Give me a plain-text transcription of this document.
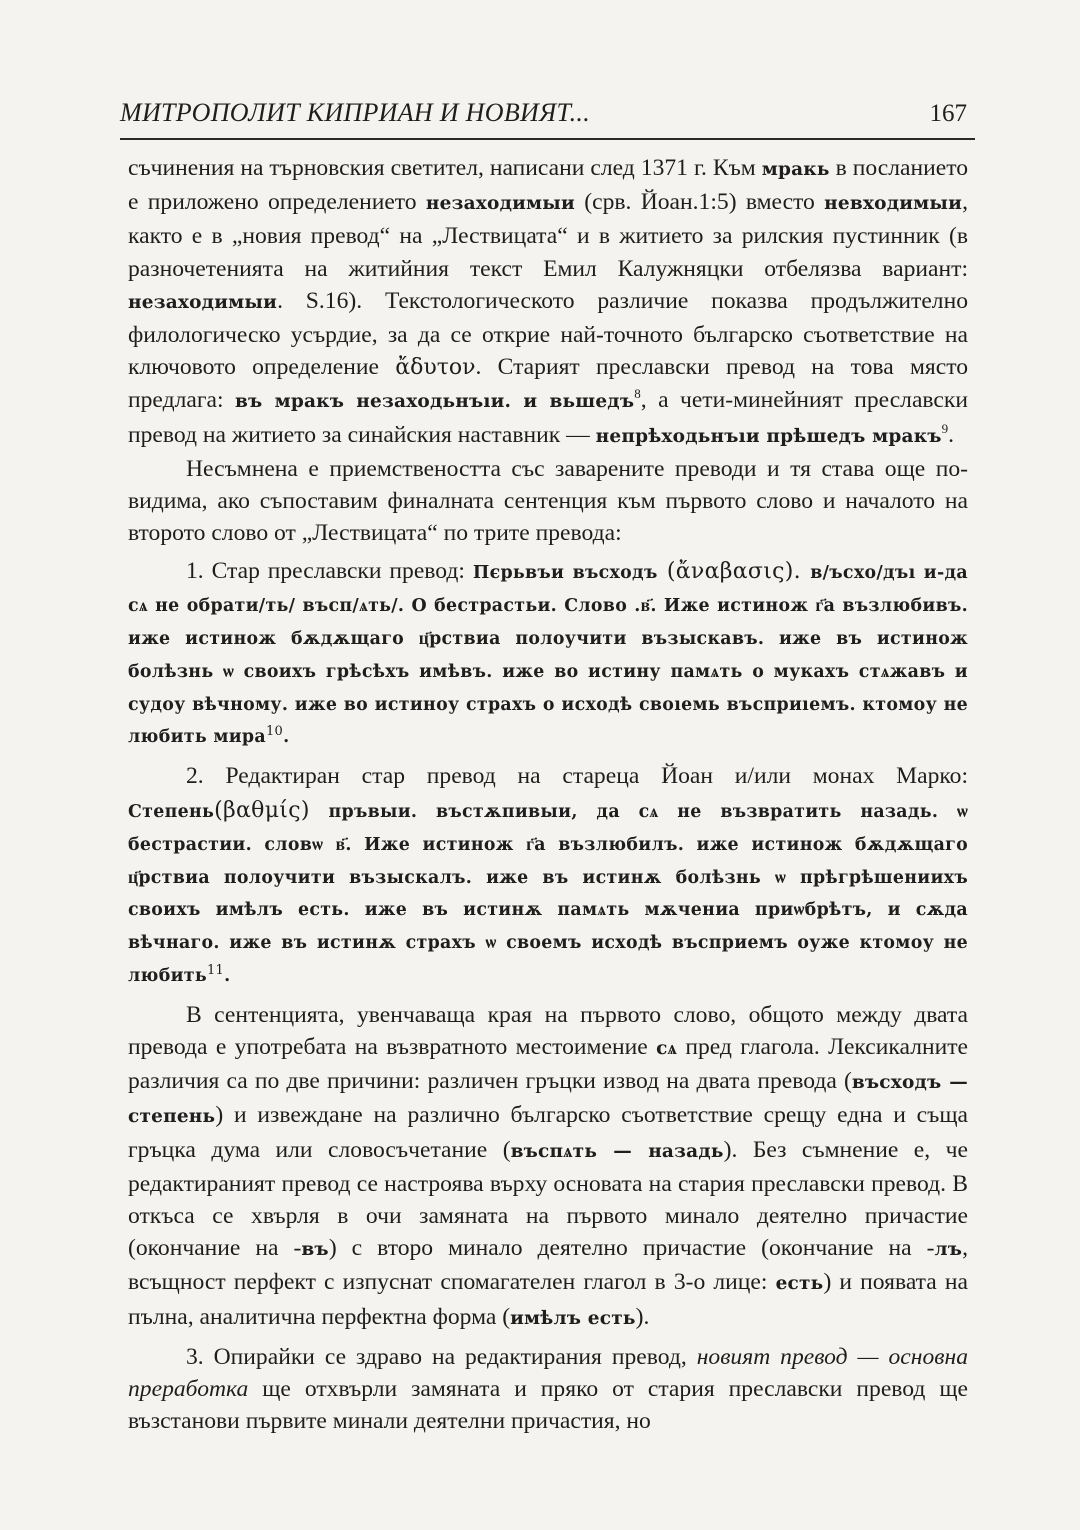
МИТРОПОЛИТ КИПРИАН И НОВИЯТ...	167

съчинения на търновския светител, написани след 1371 г. Към мракь в посланието е приложено определението незаходимыи (срв. Йоан.1:5) вместо невходимыи, както е в „новия превод“ на „Лествицата“ и в житието за рилския пустинник (в разночетенията на житийния текст Емил Калужняцки отбелязва вариант: незаходимыи. S.16). Текстологическото различие показва продължително филологическо усърдие, за да се открие най-точното българско съответствие на ключовото определение ἄδυτον. Старият преславски превод на това място предлага: въ мракъ незаходьнъıи. и вьшедъ$^8$, а чети-минейният преславски превод на житието за синайския наставник — непрѣходьнъıи прѣшедъ мракъ$^9$.

Несъмнена е приемствеността със заварените преводи и тя става още по-видима, ако съпоставим финалната сентенция към първото слово и началото на второто слово от „Лествицата“ по трите превода:

1. Стар преславски превод: Пєрьвъи въсходъ (ἄναβασις). в/ъсхо/дъı и-да сѧ не обрати/ть/ въсп/ѧть/. О бестрастьи. Слово .в҃. Иже истинож г҃а възлюбивъ. иже истинож бѫдѫщаго ц҃рствиа полоучити възыскавъ. иже въ истинож болѣзнь ѡ своихъ грѣсѣхъ имѣвъ. иже во истину памѧть о мукахъ стѧжавъ и судоу вѣчному. иже во истиноу страхъ о исходѣ своıемь въсприıемъ. ктомоу не любить мира$^{10}$.

2. Редактиран стар превод на стареца Йоан и/или монах Марко: Степень(βαθμίς) пръвыи. въстѫпивыи, да сѧ не възвратить назадь. ѡ бестрастии. словѡ в҃. Иже истинож г҃а възлюбилъ. иже истинож бѫдѫщаго ц҃рствиа полоучити възыскалъ. иже въ истинѫ болѣзнь ѡ прѣгрѣшениихъ своихъ имѣлъ есть. иже въ истинѫ памѧть мѫчениа приѡбрѣтъ, и сѫда вѣчнаго. иже въ истинѫ страхъ ѡ своемъ исходѣ въсприемъ оуже ктомоу не любить$^{11}$.

В сентенцията, увенчаваща края на първото слово, общото между двата превода е употребата на възвратното местоимение сѧ пред глагола. Лексикалните различия са по две причини: различен гръцки извод на двата превода (въсходъ — степень) и извеждане на различно българско съответствие срещу една и съща гръцка дума или словосъчетание (въспѧть — назадь). Без съмнение е, че редактираният превод се настроява върху основата на стария преславски превод. В откъса се хвърля в очи замяната на първото минало деятелно причастие (окончание на -въ) с второ минало деятелно причастие (окончание на -лъ, всъщност перфект с изпуснат спомагателен глагол в 3-о лице: есть) и появата на пълна, аналитична перфектна форма (имѣлъ есть).

3. Опирайки се здраво на редактирания превод, новият превод — основна преработка ще отхвърли замяната и пряко от стария преславски превод ще възстанови първите минали деятелни причастия, но
